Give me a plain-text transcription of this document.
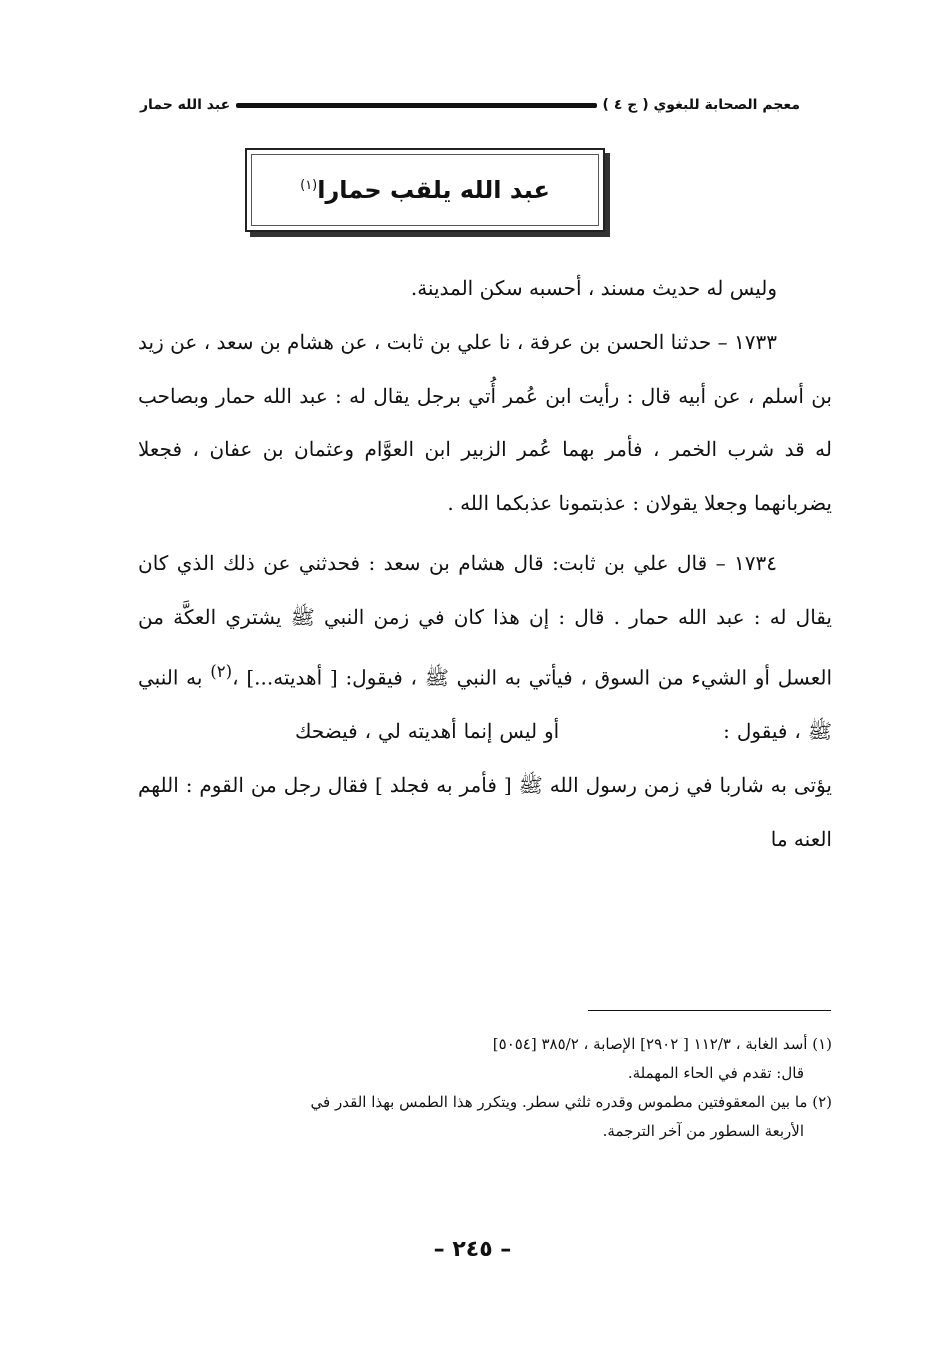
معجم الصحابة للبغوي ( ج ٤ )
عبد الله حمار
عبد الله يلقب حمارا$^{(١)}$

وليس له حديث مسند ، أحسبه سكن المدينة.

١٧٣٣ – حدثنا الحسن بن عرفة ، نا علي بن ثابت ، عن هشام بن سعد ، عن زيد بن أسلم ، عن أبيه قال : رأيت ابن عُمر أُتي برجل يقال له : عبد الله حمار وبصاحب له قد شرب الخمر ، فأمر بهما عُمر الزبير ابن العوَّام وعثمان بن عفان ، فجعلا يضربانهما وجعلا يقولان : عذبتمونا عذبكما الله .

١٧٣٤ – قال علي بن ثابت: قال هشام بن سعد : فحدثني عن ذلك الذي كان يقال له : عبد الله حمار . قال : إن هذا كان في زمن النبي ﷺ يشتري العكَّة من العسل أو الشيء من السوق ، فيأتي به النبي ﷺ ، فيقول: [ أهديته...] ،$^{(٢)}$ به النبي ﷺ ، فيقول :  أو ليس إنما أهديته لي ، فيضحك  يؤتى به شاربا في زمن رسول الله ﷺ [ فأمر به فجلد ] فقال رجل من القوم : اللهم العنه ما

(١) أسد الغابة ، ١١٢/٣ [ ٢٩٠٢] الإصابة ، ٣٨٥/٢ [٥٠٥٤]

قال: تقدم في الحاء المهملة.

(٢) ما بين المعقوفتين مطموس وقدره ثلثي سطر. ويتكرر هذا الطمس بهذا القدر في

الأربعة السطور من آخر الترجمة.

– ٢٤٥ –
